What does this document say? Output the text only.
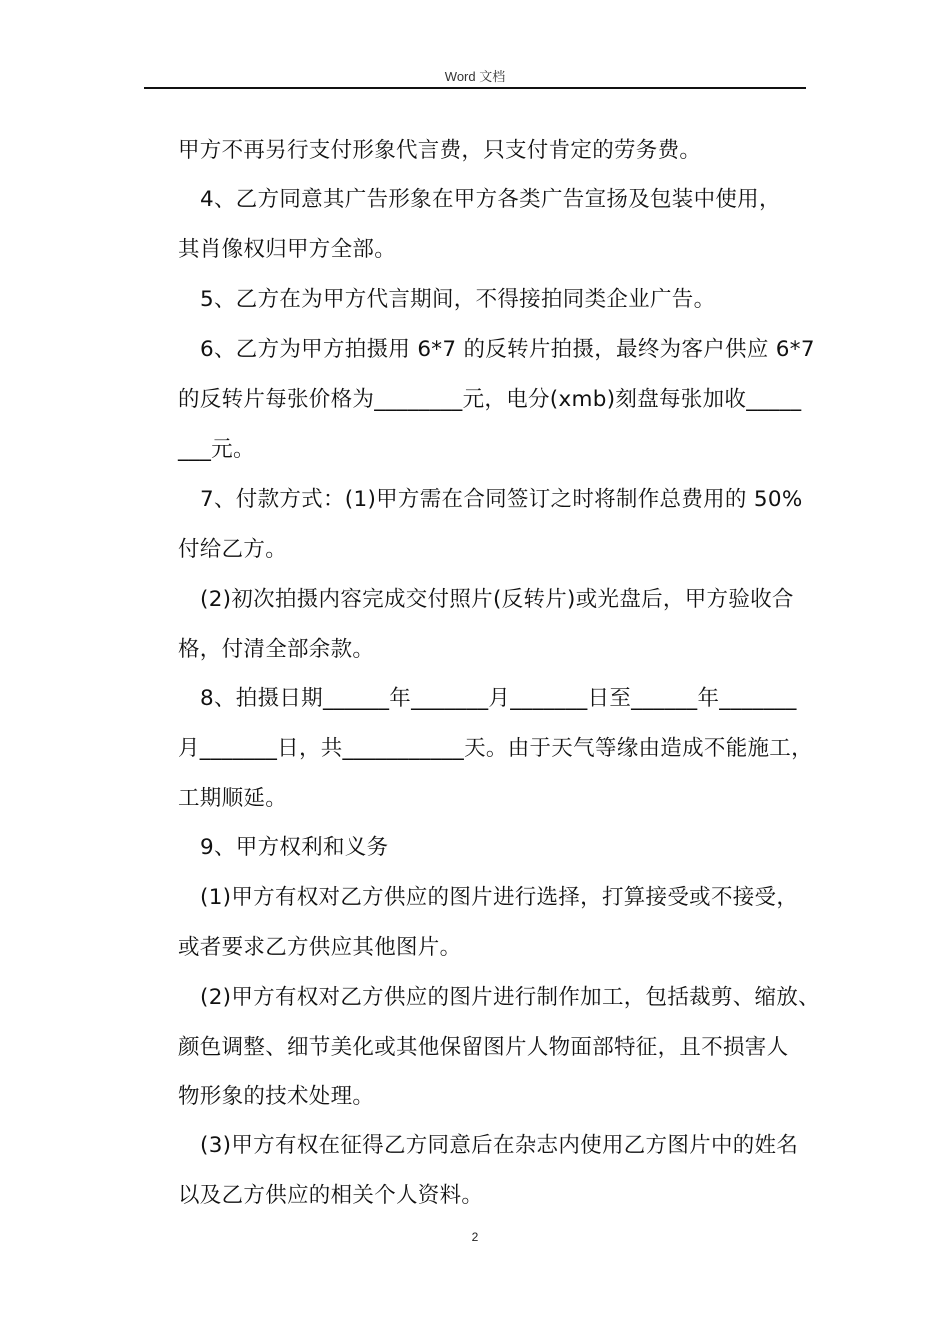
Word 文档
甲方不再另行支付形象代言费，只支付肯定的劳务费。
4、乙方同意其广告形象在甲方各类广告宣扬及包装中使用，
其肖像权归甲方全部。
5、乙方在为甲方代言期间，不得接拍同类企业广告。
6、乙方为甲方拍摄用 6*7 的反转片拍摄，最终为客户供应 6*7
的反转片每张价格为________元，电分(xmb)刻盘每张加收_____
___元。
7、付款方式：(1)甲方需在合同签订之时将制作总费用的 50%
付给乙方。
(2)初次拍摄内容完成交付照片(反转片)或光盘后，甲方验收合
格，付清全部余款。
8、拍摄日期______年_______月_______日至______年_______
月_______日，共___________天。由于天气等缘由造成不能施工，
工期顺延。
9、甲方权利和义务
(1)甲方有权对乙方供应的图片进行选择，打算接受或不接受，
或者要求乙方供应其他图片。
(2)甲方有权对乙方供应的图片进行制作加工，包括裁剪、缩放、
颜色调整、细节美化或其他保留图片人物面部特征，且不损害人
物形象的技术处理。
(3)甲方有权在征得乙方同意后在杂志内使用乙方图片中的姓名
以及乙方供应的相关个人资料。
2
